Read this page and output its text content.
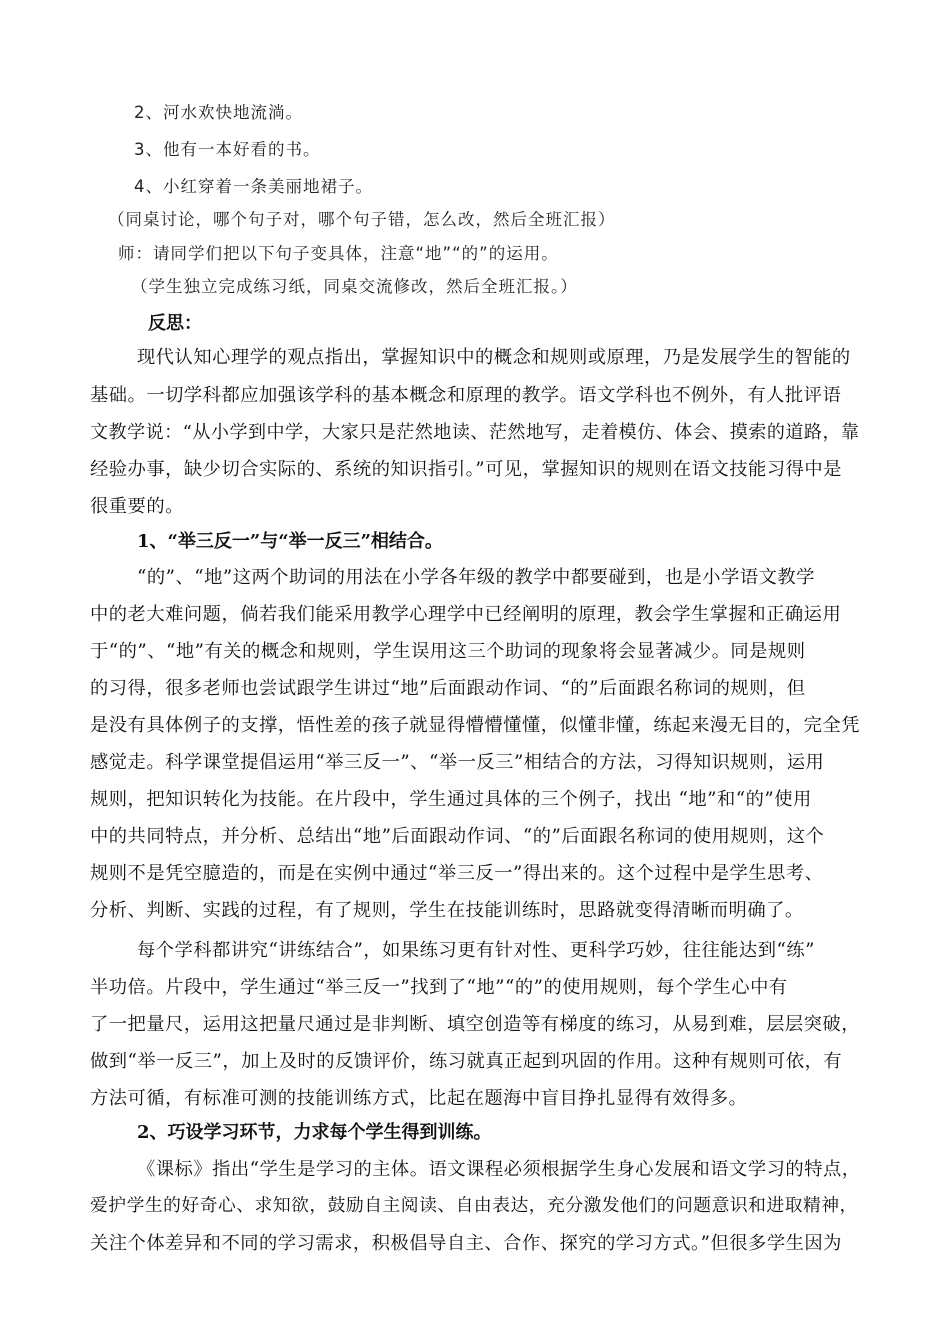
2、河水欢快地流淌。
3、他有一本好看的书。
4、小红穿着一条美丽地裙子。
（同桌讨论，哪个句子对，哪个句子错，怎么改，然后全班汇报）
师：请同学们把以下句子变具体，注意“地”“的”的运用。
（学生独立完成练习纸，同桌交流修改，然后全班汇报。）
反思：
现代认知心理学的观点指出，掌握知识中的概念和规则或原理，乃是发展学生的智能的
基础。一切学科都应加强该学科的基本概念和原理的教学。语文学科也不例外，有人批评语
文教学说：“从小学到中学，大家只是茫然地读、茫然地写，走着模仿、体会、摸索的道路，靠
经验办事，缺少切合实际的、系统的知识指引。”可见，掌握知识的规则在语文技能习得中是
很重要的。
1、“举三反一”与“举一反三”相结合。
“的”、“地”这两个助词的用法在小学各年级的教学中都要碰到，也是小学语文教学
中的老大难问题，倘若我们能采用教学心理学中已经阐明的原理，教会学生掌握和正确运用
于“的”、“地”有关的概念和规则，学生误用这三个助词的现象将会显著减少。同是规则
的习得，很多老师也尝试跟学生讲过“地”后面跟动作词、“的”后面跟名称词的规则，但
是没有具体例子的支撑，悟性差的孩子就显得懵懵懂懂，似懂非懂，练起来漫无目的，完全凭
感觉走。科学课堂提倡运用“举三反一”、“举一反三”相结合的方法，习得知识规则，运用
规则，把知识转化为技能。在片段中，学生通过具体的三个例子，找出 “地”和“的”使用
中的共同特点，并分析、总结出“地”后面跟动作词、“的”后面跟名称词的使用规则，这个
规则不是凭空臆造的，而是在实例中通过“举三反一”得出来的。这个过程中是学生思考、
分析、判断、实践的过程，有了规则，学生在技能训练时，思路就变得清晰而明确了。
每个学科都讲究“讲练结合”，如果练习更有针对性、更科学巧妙，往往能达到“练”
半功倍。片段中，学生通过“举三反一”找到了“地”“的”的使用规则，每个学生心中有
了一把量尺，运用这把量尺通过是非判断、填空创造等有梯度的练习，从易到难，层层突破，
做到“举一反三”，加上及时的反馈评价，练习就真正起到巩固的作用。这种有规则可依，有
方法可循，有标准可测的技能训练方式，比起在题海中盲目挣扎显得有效得多。
2、巧设学习环节，力求每个学生得到训练。
《课标》指出“学生是学习的主体。语文课程必须根据学生身心发展和语文学习的特点，
爱护学生的好奇心、求知欲，鼓励自主阅读、自由表达，充分激发他们的问题意识和进取精神，
关注个体差异和不同的学习需求，积极倡导自主、合作、探究的学习方式。”但很多学生因为
